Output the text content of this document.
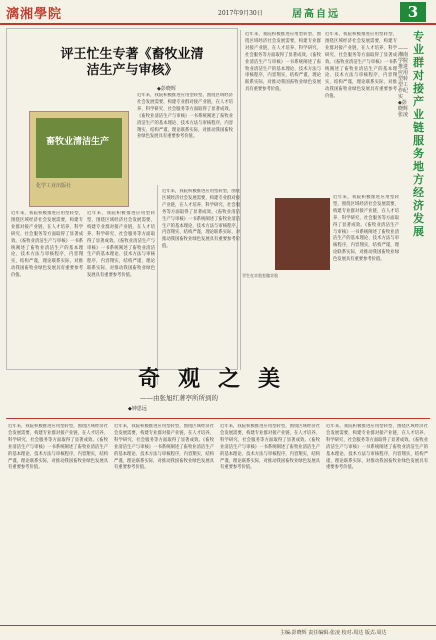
漓湘學院	2017年9月30日	居高自远	3
评王忙生专著《畜牧业清洁生产与审核》
◆彭晓辉
畜牧业清洁生产
化学工业出版社
近年来，我院积极推进应用型转型，围绕区域经济社会发展需要，构建专业群对接产业链，在人才培养、科学研究、社会服务等方面取得了显著成效。《畜牧业清洁生产与审核》一书系统阐述了畜牧业清洁生产的基本理论、技术方法与审核程序，内容翔实，结构严谨，理论联系实际，对推动我国畜牧业绿色发展具有重要参考价值。
近年来，我院积极推进应用型转型，围绕区域经济社会发展需要，构建专业群对接产业链，在人才培养、科学研究、社会服务等方面取得了显著成效。《畜牧业清洁生产与审核》一书系统阐述了畜牧业清洁生产的基本理论、技术方法与审核程序，内容翔实，结构严谨，理论联系实际，对推动我国畜牧业绿色发展具有重要参考价值。
近年来，我院积极推进应用型转型，围绕区域经济社会发展需要，构建专业群对接产业链，在人才培养、科学研究、社会服务等方面取得了显著成效。《畜牧业清洁生产与审核》一书系统阐述了畜牧业清洁生产的基本理论、技术方法与审核程序，内容翔实，结构严谨，理论联系实际，对推动我国畜牧业绿色发展具有重要参考价值。
近年来，我院积极推进应用型转型，围绕区域经济社会发展需要，构建专业群对接产业链，在人才培养、科学研究、社会服务等方面取得了显著成效。《畜牧业清洁生产与审核》一书系统阐述了畜牧业清洁生产的基本理论、技术方法与审核程序，内容翔实，结构严谨，理论联系实际，对推动我国畜牧业绿色发展具有重要参考价值。
近年来，我院积极推进应用型转型，围绕区域经济社会发展需要，构建专业群对接产业链，在人才培养、科学研究、社会服务等方面取得了显著成效。《畜牧业清洁生产与审核》一书系统阐述了畜牧业清洁生产的基本理论、技术方法与审核程序，内容翔实，结构严谨，理论联系实际，对推动我国畜牧业绿色发展具有重要参考价值。
近年来，我院积极推进应用型转型，围绕区域经济社会发展需要，构建专业群对接产业链，在人才培养、科学研究、社会服务等方面取得了显著成效。《畜牧业清洁生产与审核》一书系统阐述了畜牧业清洁生产的基本理论、技术方法与审核程序，内容翔实，结构严谨，理论联系实际，对推动我国畜牧业绿色发展具有重要参考价值。
近年来，我院积极推进应用型转型，围绕区域经济社会发展需要，构建专业群对接产业链，在人才培养、科学研究、社会服务等方面取得了显著成效。《畜牧业清洁生产与审核》一书系统阐述了畜牧业清洁生产的基本理论、技术方法与审核程序，内容翔实，结构严谨，理论联系实际，对推动我国畜牧业绿色发展具有重要参考价值。
学生在实验室做实验
专业群对接产业链 服务地方经济发展
——湘南学院推进应用型转型工作纪实 ◆彭晓辉 张凌
奇观之美
——由张旭红著亭所所到的
◆钟思远
近年来，我院积极推进应用型转型，围绕区域经济社会发展需要，构建专业群对接产业链，在人才培养、科学研究、社会服务等方面取得了显著成效。《畜牧业清洁生产与审核》一书系统阐述了畜牧业清洁生产的基本理论、技术方法与审核程序，内容翔实，结构严谨，理论联系实际，对推动我国畜牧业绿色发展具有重要参考价值。
近年来，我院积极推进应用型转型，围绕区域经济社会发展需要，构建专业群对接产业链，在人才培养、科学研究、社会服务等方面取得了显著成效。《畜牧业清洁生产与审核》一书系统阐述了畜牧业清洁生产的基本理论、技术方法与审核程序，内容翔实，结构严谨，理论联系实际，对推动我国畜牧业绿色发展具有重要参考价值。
近年来，我院积极推进应用型转型，围绕区域经济社会发展需要，构建专业群对接产业链，在人才培养、科学研究、社会服务等方面取得了显著成效。《畜牧业清洁生产与审核》一书系统阐述了畜牧业清洁生产的基本理论、技术方法与审核程序，内容翔实，结构严谨，理论联系实际，对推动我国畜牧业绿色发展具有重要参考价值。
近年来，我院积极推进应用型转型，围绕区域经济社会发展需要，构建专业群对接产业链，在人才培养、科学研究、社会服务等方面取得了显著成效。《畜牧业清洁生产与审核》一书系统阐述了畜牧业清洁生产的基本理论、技术方法与审核程序，内容翔实，结构严谨，理论联系实际，对推动我国畜牧业绿色发展具有重要参考价值。
主编:彭晓辉 责任编辑:张凌 校对:周达 版式:周达
